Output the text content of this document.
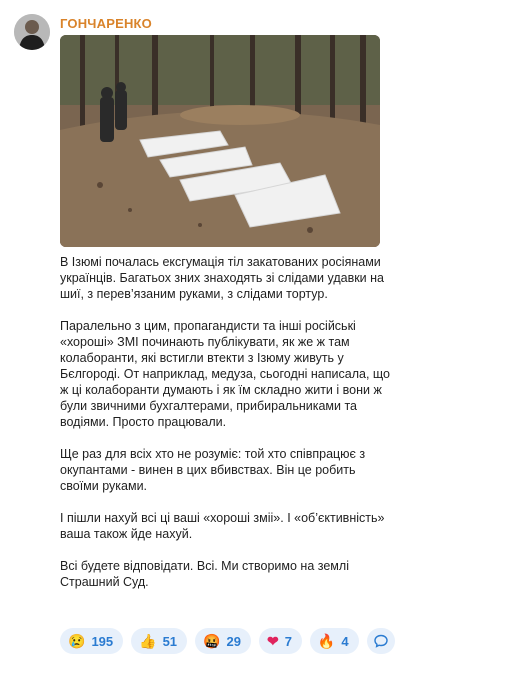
ГОНЧАРЕНКО

В Ізюмі почалась ексгумація тіл закатованих росіянами українців. Багатьох зних знаходять зі слідами удавки на шиї, з перев’язаним руками, з слідами тортур.

Паралельно з цим, пропагандисти та інші російські «хороші» ЗМІ починають публікувати, як же ж там колаборанти, які встигли втекти з Ізюму живуть у Бєлгороді. От наприклад, медуза, сьогодні написала, що ж ці колаборанти думають і як їм складно жити і вони ж були звичними бухгалтерами, прибиральниками та водіями. Просто працювали.

Ще раз для всіх хто не розуміє: той хто співпрацює з окупантами - винен в цих вбивствах. Він це робить своїми руками.

І пішли нахуй всі ці ваші «хороші зміі». І «об’єктивність» ваша також йде нахуй.

Всі будете відповідати. Всі. Ми створимо на землі Страшний Суд.

😢 195 👍 51 🤬 29 ❤ 7 🔥 4
